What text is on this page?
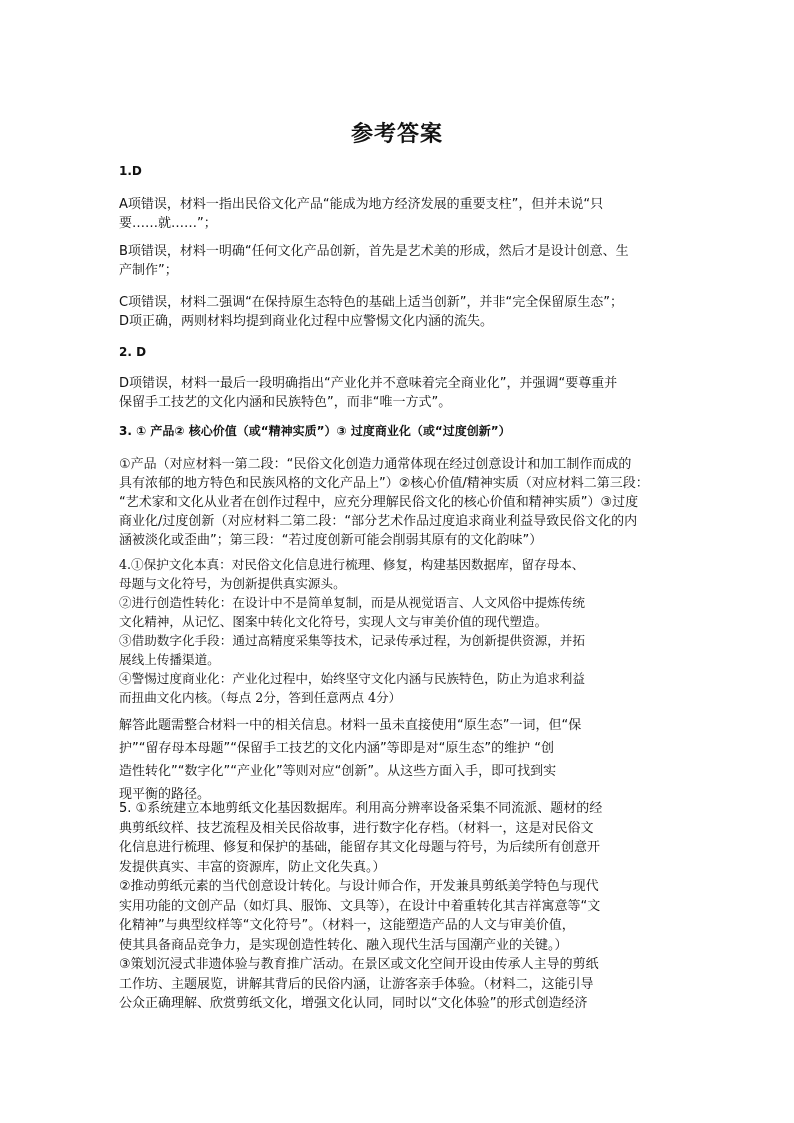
参考答案
1.D
A项错误，材料一指出民俗文化产品“能成为地方经济发展的重要支柱”，但并未说“只
要……就……”；
B项错误，材料一明确“任何文化产品创新，首先是艺术美的形成，然后才是设计创意、生
产制作”；
C项错误，材料二强调“在保持原生态特色的基础上适当创新”，并非“完全保留原生态”；
D项正确，两则材料均提到商业化过程中应警惕文化内涵的流失。
2. D
D项错误，材料一最后一段明确指出“产业化并不意味着完全商业化”，并强调“要尊重并
保留手工技艺的文化内涵和民族特色”，而非“唯一方式”。
3. ① 产品② 核心价值（或“精神实质”）③ 过度商业化（或“过度创新”）
①产品（对应材料一第二段：“民俗文化创造力通常体现在经过创意设计和加工制作而成的
具有浓郁的地方特色和民族风格的文化产品上”）②核心价值/精神实质（对应材料二第三段：
“艺术家和文化从业者在创作过程中，应充分理解民俗文化的核心价值和精神实质”）③过度
商业化/过度创新（对应材料二第二段：“部分艺术作品过度追求商业利益导致民俗文化的内
涵被淡化或歪曲”；第三段：“若过度创新可能会削弱其原有的文化韵味”）
4.①保护文化本真：对民俗文化信息进行梳理、修复，构建基因数据库，留存母本、
母题与文化符号，为创新提供真实源头。
②进行创造性转化：在设计中不是简单复制，而是从视觉语言、人文风俗中提炼传统
文化精神，从记忆、图案中转化文化符号，实现人文与审美价值的现代塑造。
③借助数字化手段：通过高精度采集等技术，记录传承过程，为创新提供资源，并拓
展线上传播渠道。
④警惕过度商业化：产业化过程中，始终坚守文化内涵与民族特色，防止为追求利益
而扭曲文化内核。（每点 2分，答到任意两点 4分）
解答此题需整合材料一中的相关信息。材料一虽未直接使用“原生态”一词，但“保
护”“留存母本母题”“保留手工技艺的文化内涵”等即是对“原生态”的维护 “创
造性转化”“数字化”“产业化”等则对应“创新”。从这些方面入手，即可找到实
现平衡的路径。
5. ①系统建立本地剪纸文化基因数据库。利用高分辨率设备采集不同流派、题材的经
典剪纸纹样、技艺流程及相关民俗故事，进行数字化存档。（材料一，这是对民俗文
化信息进行梳理、修复和保护的基础，能留存其文化母题与符号，为后续所有创意开
发提供真实、丰富的资源库，防止文化失真。）
②推动剪纸元素的当代创意设计转化。与设计师合作，开发兼具剪纸美学特色与现代
实用功能的文创产品（如灯具、服饰、文具等），在设计中着重转化其吉祥寓意等“文
化精神”与典型纹样等“文化符号”。（材料一，这能塑造产品的人文与审美价值，
使其具备商品竞争力，是实现创造性转化、融入现代生活与国潮产业的关键。）
③策划沉浸式非遗体验与教育推广活动。在景区或文化空间开设由传承人主导的剪纸
工作坊、主题展览，讲解其背后的民俗内涵，让游客亲手体验。（材料二，这能引导
公众正确理解、欣赏剪纸文化，增强文化认同，同时以“文化体验”的形式创造经济
